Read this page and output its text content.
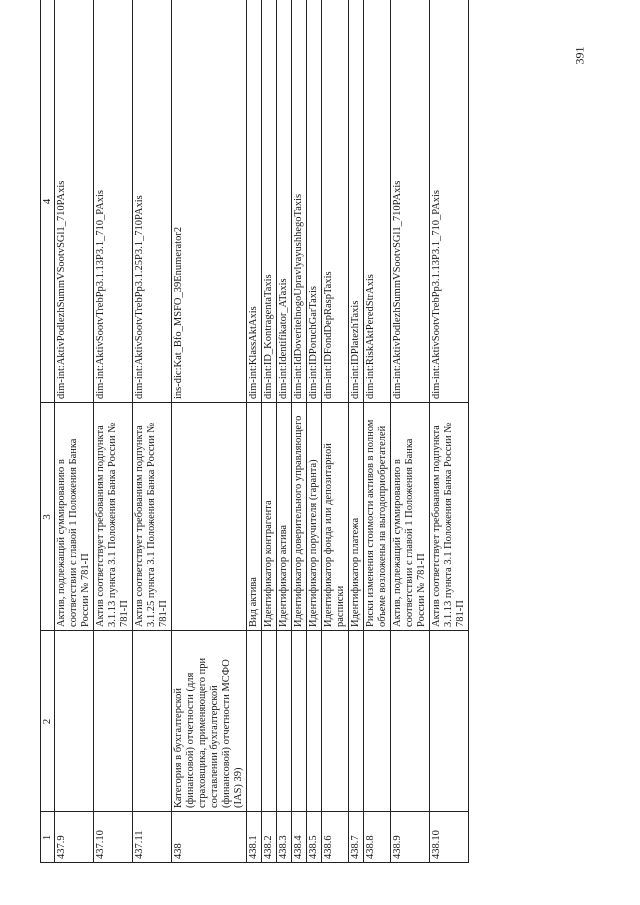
1	2	3	4
437.9		Актив, подлежащий суммированию в соответствии с главой 1 Положения Банка России № 781-П	dim-int:AktivPodlezhSummVSootvSGl1_710PAxis
437.10		Актив соответствует требованиям подпункта 3.1.13 пункта 3.1 Положения Банка России № 781-П	dim-int:AktivSootvTrebPp3.1.13P3.1_710_PAxis
437.11		Актив соответствует требованиям подпункта 3.1.25 пункта 3.1 Положения Банка России № 781-П	dim-int:AktivSootvTrebPp3.1.25P3.1_710PAxis
438	Категория в бухгалтерской (финансовой) отчетности (для страховщика, применяющего при составлении бухгалтерской (финансовой) отчетности МСФО (IAS) 39)		ins-dic:Kat_Bfo_MSFO_39Enumerator2
438.1		Вид актива	dim-int:KlassAktAxis
438.2		Идентификатор контрагента	dim-int:ID_KontragentaTaxis
438.3		Идентификатор актива	dim-int:Identifikator_ATaxis
438.4		Идентификатор доверительного управляющего	dim-int:IdDoveritelnogoUpravlyayushhegoTaxis
438.5		Идентификатор поручителя (гаранта)	dim-int:IDPoruchGarTaxis
438.6		Идентификатор фонда или депозитарной расписки	dim-int:IDFondDepRaspTaxis
438.7		Идентификатор платежа	dim-int:IDPlatezhTaxis
438.8		Риски изменения стоимости активов в полном объеме возложены на выгодоприобретателей	dim-int:RiskAktPeredStrAxis
438.9		Актив, подлежащий суммированию в соответствии с главой 1 Положения Банка России № 781-П	dim-int:AktivPodlezhSummVSootvSGl1_710PAxis
438.10		Актив соответствует требованиям подпункта 3.1.13 пункта 3.1 Положения Банка России № 781-П	dim-int:AktivSootvTrebPp3.1.13P3.1_710_PAxis
391
